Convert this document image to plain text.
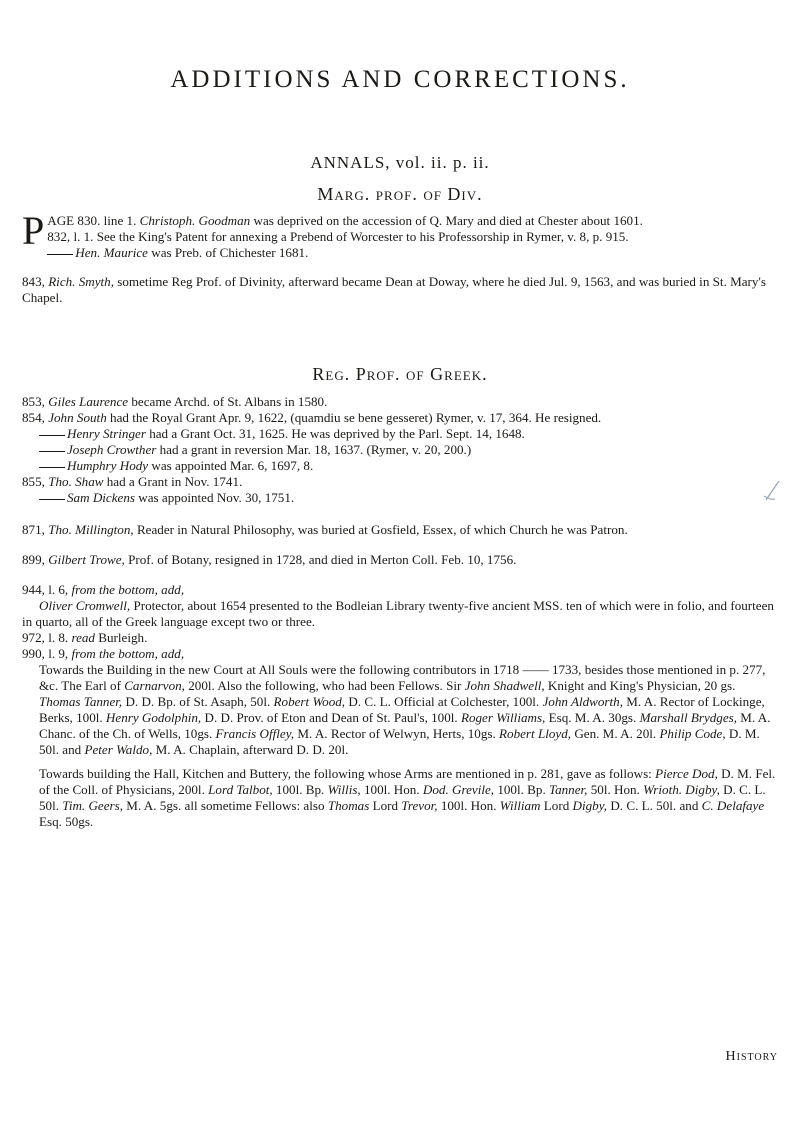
ADDITIONS AND CORRECTIONS.
ANNALS, vol. ii. p. ii.
Marg. prof. of Div.

PAGE 830. line 1. Christoph. Goodman was deprived on the accession of Q. Mary and died at Chester about 1601.

832, l. 1. See the King's Patent for annexing a Prebend of Worcester to his Professorship in Rymer, v. 8, p. 915.

Hen. Maurice was Preb. of Chichester 1681.

843, Rich. Smyth, sometime Reg Prof. of Divinity, afterward became Dean at Doway, where he died Jul. 9, 1563, and was buried in St. Mary's Chapel.

Reg. Prof. of Greek.

853, Giles Laurence became Archd. of St. Albans in 1580.

854, John South had the Royal Grant Apr. 9, 1622, (quamdiu se bene gesseret) Rymer, v. 17, 364. He resigned.

Henry Stringer had a Grant Oct. 31, 1625. He was deprived by the Parl. Sept. 14, 1648.

Joseph Crowther had a grant in reversion Mar. 18, 1637. (Rymer, v. 20, 200.)

Humphry Hody was appointed Mar. 6, 1697, 8.

855, Tho. Shaw had a Grant in Nov. 1741.

Sam Dickens was appointed Nov. 30, 1751.

871, Tho. Millington, Reader in Natural Philosophy, was buried at Gosfield, Essex, of which Church he was Patron.

899, Gilbert Trowe, Prof. of Botany, resigned in 1728, and died in Merton Coll. Feb. 10, 1756.

944, l. 6, from the bottom, add,
Oliver Cromwell, Protector, about 1654 presented to the Bodleian Library twenty-five ancient MSS. ten of which were in folio, and fourteen in quarto, all of the Greek language except two or three.

972, l. 8. read Burleigh.

990, l. 9, from the bottom, add,

Towards the Building in the new Court at All Souls were the following contributors in 1718 —— 1733, besides those mentioned in p. 277, &c. The Earl of Carnarvon, 200l. Also the following, who had been Fellows. Sir John Shadwell, Knight and King's Physician, 20 gs. Thomas Tanner, D. D. Bp. of St. Asaph, 50l. Robert Wood, D. C. L. Official at Colchester, 100l. John Aldworth, M. A. Rector of Lockinge, Berks, 100l. Henry Godolphin, D. D. Prov. of Eton and Dean of St. Paul's, 100l. Roger Williams, Esq. M. A. 30gs. Marshall Brydges, M. A. Chanc. of the Ch. of Wells, 10gs. Francis Offley, M. A. Rector of Welwyn, Herts, 10gs. Robert Lloyd, Gen. M. A. 20l. Philip Code, D. M. 50l. and Peter Waldo, M. A. Chaplain, afterward D. D. 20l.

Towards building the Hall, Kitchen and Buttery, the following whose Arms are mentioned in p. 281, gave as follows: Pierce Dod, D. M. Fel. of the Coll. of Physicians, 200l. Lord Talbot, 100l. Bp. Willis, 100l. Hon. Dod. Grevile, 100l. Bp. Tanner, 50l. Hon. Wrioth. Digby, D. C. L. 50l. Tim. Geers, M. A. 5gs. all sometime Fellows: also Thomas Lord Trevor, 100l. Hon. William Lord Digby, D. C. L. 50l. and C. Delafaye Esq. 50gs.

History
